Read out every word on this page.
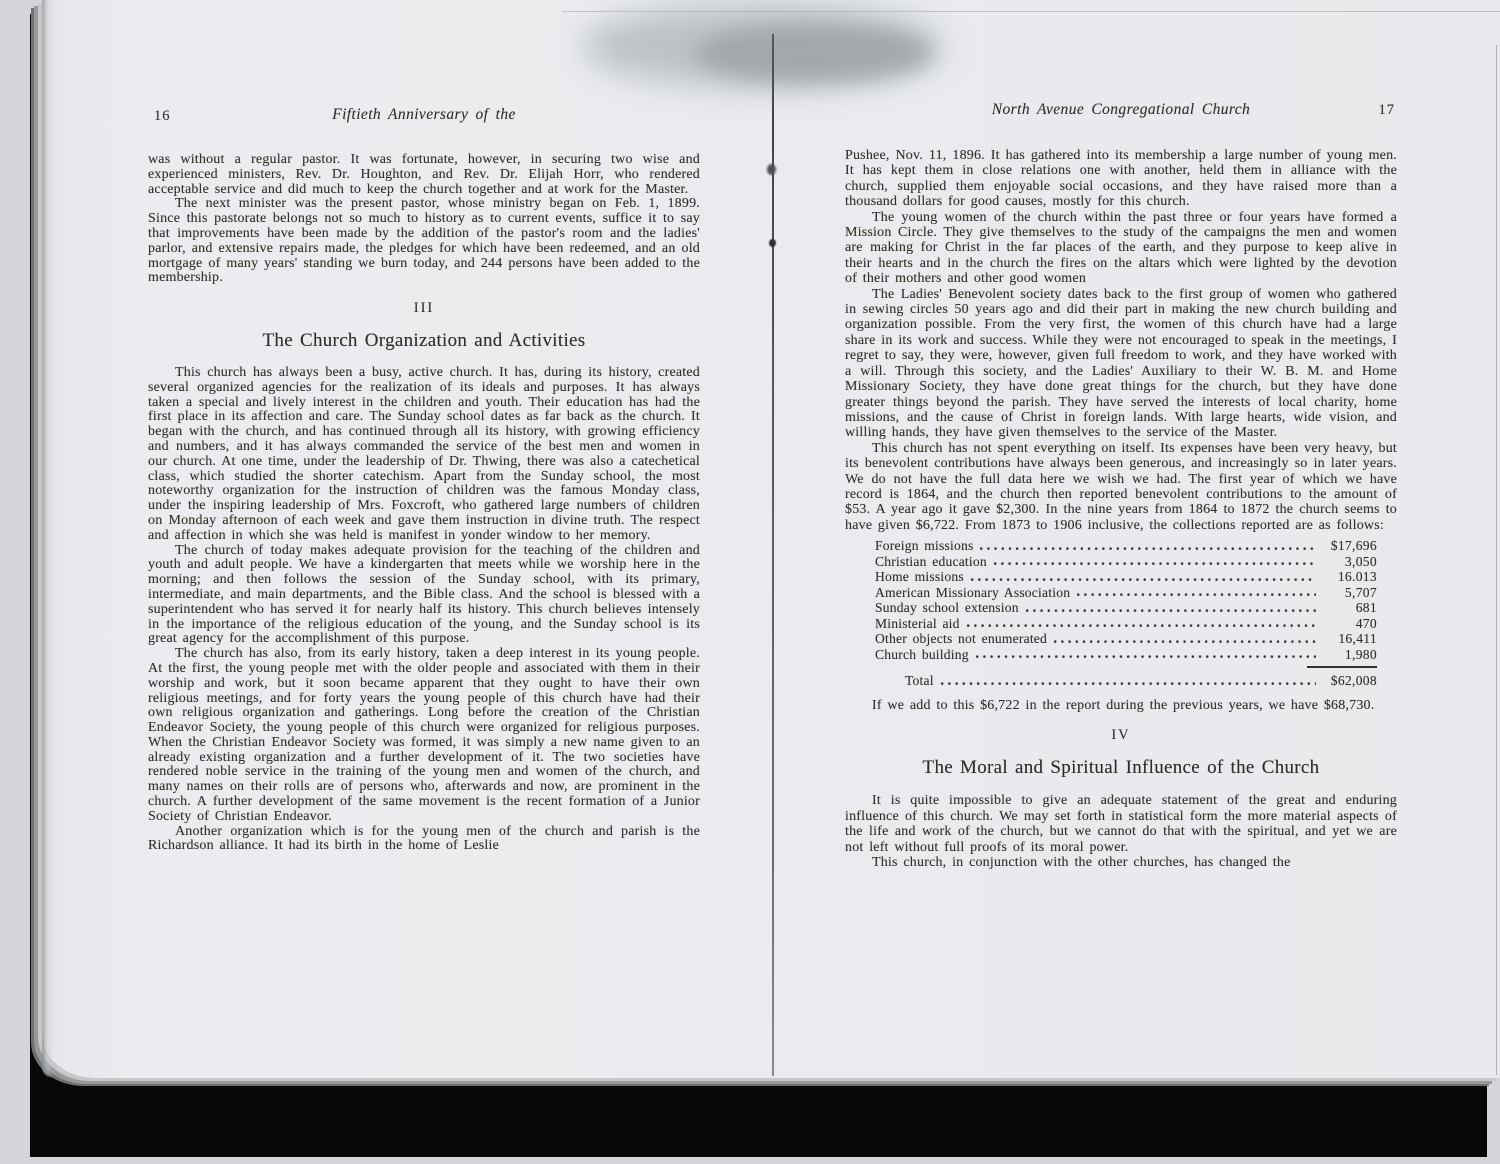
16	Fiftieth Anniversary of the

was without a regular pastor. It was fortunate, however, in securing two wise and experienced ministers, Rev. Dr. Houghton, and Rev. Dr. Elijah Horr, who rendered acceptable service and did much to keep the church together and at work for the Master.

The next minister was the present pastor, whose ministry began on Feb. 1, 1899. Since this pastorate belongs not so much to history as to current events, suffice it to say that improvements have been made by the addition of the pastor's room and the ladies' parlor, and extensive repairs made, the pledges for which have been redeemed, and an old mortgage of many years' standing we burn today, and 244 persons have been added to the membership.

III

The Church Organization and Activities

This church has always been a busy, active church. It has, during its history, created several organized agencies for the realization of its ideals and purposes. It has always taken a special and lively interest in the children and youth. Their education has had the first place in its affection and care. The Sunday school dates as far back as the church. It began with the church, and has continued through all its history, with growing efficiency and numbers, and it has always commanded the service of the best men and women in our church. At one time, under the leadership of Dr. Thwing, there was also a catechetical class, which studied the shorter catechism. Apart from the Sunday school, the most noteworthy organization for the instruction of children was the famous Monday class, under the inspiring leadership of Mrs. Foxcroft, who gathered large numbers of children on Monday afternoon of each week and gave them instruction in divine truth. The respect and affection in which she was held is manifest in yonder window to her memory.

The church of today makes adequate provision for the teaching of the children and youth and adult people. We have a kindergarten that meets while we worship here in the morning; and then follows the session of the Sunday school, with its primary, intermediate, and main departments, and the Bible class. And the school is blessed with a superintendent who has served it for nearly half its history. This church believes intensely in the importance of the religious education of the young, and the Sunday school is its great agency for the accomplishment of this purpose.

The church has also, from its early history, taken a deep interest in its young people. At the first, the young people met with the older people and associated with them in their worship and work, but it soon became apparent that they ought to have their own religious meetings, and for forty years the young people of this church have had their own religious organization and gatherings. Long before the creation of the Christian Endeavor Society, the young people of this church were organized for religious purposes. When the Christian Endeavor Society was formed, it was simply a new name given to an already existing organization and a further development of it. The two societies have rendered noble service in the training of the young men and women of the church, and many names on their rolls are of persons who, afterwards and now, are prominent in the church. A further development of the same movement is the recent formation of a Junior Society of Christian Endeavor.

Another organization which is for the young men of the church and parish is the Richardson alliance. It had its birth in the home of Leslie

North Avenue Congregational Church	17

Pushee, Nov. 11, 1896. It has gathered into its membership a large number of young men. It has kept them in close relations one with another, held them in alliance with the church, supplied them enjoyable social occasions, and they have raised more than a thousand dollars for good causes, mostly for this church.

The young women of the church within the past three or four years have formed a Mission Circle. They give themselves to the study of the campaigns the men and women are making for Christ in the far places of the earth, and they purpose to keep alive in their hearts and in the church the fires on the altars which were lighted by the devotion of their mothers and other good women

The Ladies' Benevolent society dates back to the first group of women who gathered in sewing circles 50 years ago and did their part in making the new church building and organization possible. From the very first, the women of this church have had a large share in its work and success. While they were not encouraged to speak in the meetings, I regret to say, they were, however, given full freedom to work, and they have worked with a will. Through this society, and the Ladies' Auxiliary to their W. B. M. and Home Missionary Society, they have done great things for the church, but they have done greater things beyond the parish. They have served the interests of local charity, home missions, and the cause of Christ in foreign lands. With large hearts, wide vision, and willing hands, they have given themselves to the service of the Master.

This church has not spent everything on itself. Its expenses have been very heavy, but its benevolent contributions have always been generous, and increasingly so in later years. We do not have the full data here we wish we had. The first year of which we have record is 1864, and the church then reported benevolent contributions to the amount of $53. A year ago it gave $2,300. In the nine years from 1864 to 1872 the church seems to have given $6,722. From 1873 to 1906 inclusive, the collections reported are as follows:

Foreign missions	$17,696
Christian education	3,050
Home missions	16.013
American Missionary Association	5,707
Sunday school extension	681
Ministerial aid	470
Other objects not enumerated	16,411
Church building	1,980
Total	$62,008

If we add to this $6,722 in the report during the previous years, we have $68,730.

IV

The Moral and Spiritual Influence of the Church

It is quite impossible to give an adequate statement of the great and enduring influence of this church. We may set forth in statistical form the more material aspects of the life and work of the church, but we cannot do that with the spiritual, and yet we are not left without full proofs of its moral power.

This church, in conjunction with the other churches, has changed the
